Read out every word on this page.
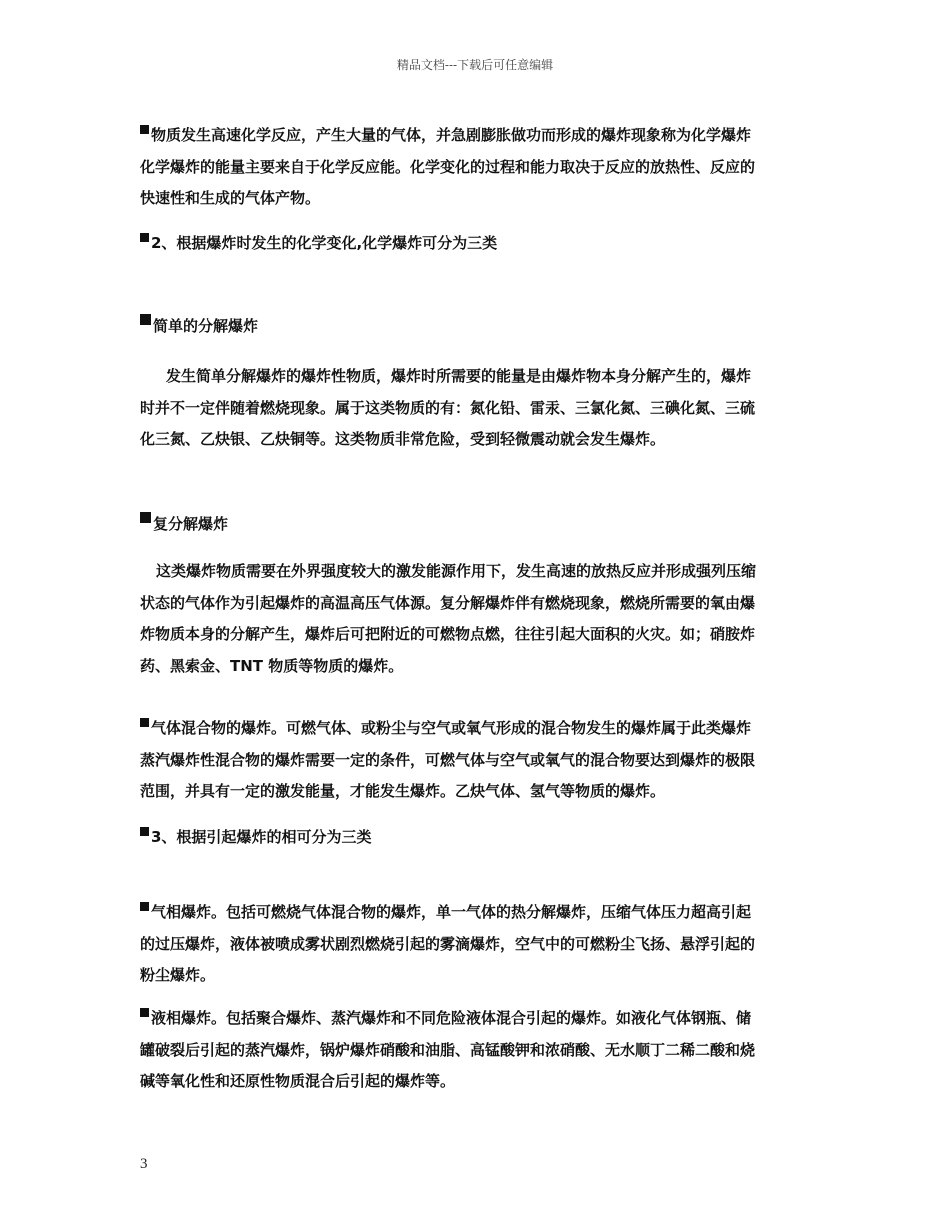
精品文档---下载后可任意编辑
物质发生高速化学反应，产生大量的气体，并急剧膨胀做功而形成的爆炸现象称为化学爆炸
化学爆炸的能量主要来自于化学反应能。化学变化的过程和能力取决于反应的放热性、反应的
快速性和生成的气体产物。
2、根据爆炸时发生的化学变化,化学爆炸可分为三类
简单的分解爆炸
发生简单分解爆炸的爆炸性物质，爆炸时所需要的能量是由爆炸物本身分解产生的，爆炸
时并不一定伴随着燃烧现象。属于这类物质的有：氮化铅、雷汞、三氯化氮、三碘化氮、三硫
化三氮、乙炔银、乙炔铜等。这类物质非常危险，受到轻微震动就会发生爆炸。
复分解爆炸
这类爆炸物质需要在外界强度较大的激发能源作用下，发生高速的放热反应并形成强列压缩
状态的气体作为引起爆炸的高温高压气体源。复分解爆炸伴有燃烧现象，燃烧所需要的氧由爆
炸物质本身的分解产生，爆炸后可把附近的可燃物点燃，往往引起大面积的火灾。如；硝胺炸
药、黑索金、TNT 物质等物质的爆炸。
气体混合物的爆炸。可燃气体、或粉尘与空气或氧气形成的混合物发生的爆炸属于此类爆炸
蒸汽爆炸性混合物的爆炸需要一定的条件，可燃气体与空气或氧气的混合物要达到爆炸的极限
范围，并具有一定的激发能量，才能发生爆炸。乙炔气体、氢气等物质的爆炸。
3、根据引起爆炸的相可分为三类
气相爆炸。包括可燃烧气体混合物的爆炸，单一气体的热分解爆炸，压缩气体压力超高引起
的过压爆炸，液体被喷成雾状剧烈燃烧引起的雾滴爆炸，空气中的可燃粉尘飞扬、悬浮引起的
粉尘爆炸。
液相爆炸。包括聚合爆炸、蒸汽爆炸和不同危险液体混合引起的爆炸。如液化气体钢瓶、储
罐破裂后引起的蒸汽爆炸，锅炉爆炸硝酸和油脂、高锰酸钾和浓硝酸、无水顺丁二稀二酸和烧
碱等氧化性和还原性物质混合后引起的爆炸等。
3
